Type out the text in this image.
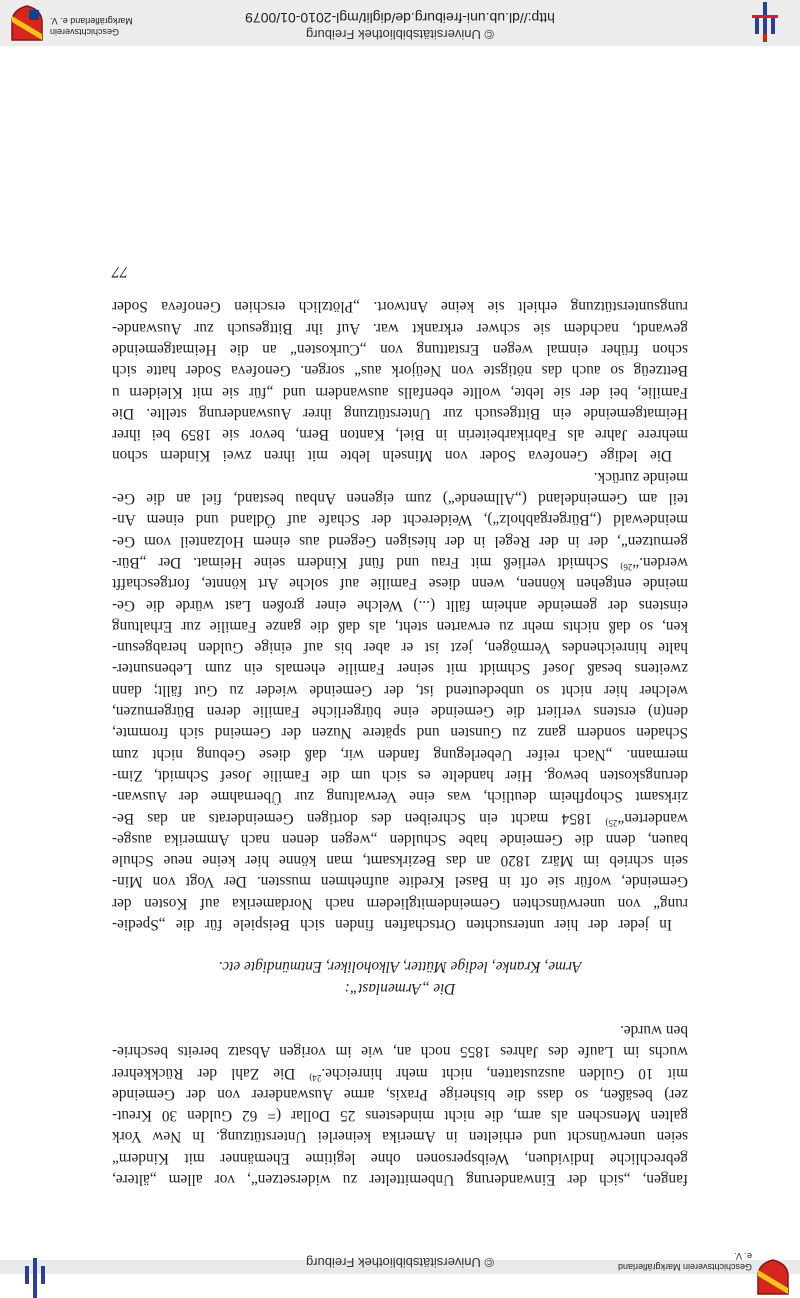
© Universitätsbibliothek Freiburg
fangen, „sich der Einwanderung Unbemittelter zu widersetzen“, vor allem „ältere,
gebrechliche Individuen, Weibspersonen ohne legitime Ehemänner mit Kindern“
seien unerwünscht und erhielten in Amerika keinerlei Unterstützung. In New York
galten Menschen als arm, die nicht mindestens 25 Dollar (= 62 Gulden 30 Kreut-
zer) besäßen, so dass die bisherige Praxis, arme Auswanderer von der Gemeinde
mit 10 Gulden auszustatten, nicht mehr hinreiche.$^{24)}$ Die Zahl der Rückkehrer
wuchs im Laufe des Jahres 1855 noch an, wie im vorigen Absatz bereits beschrie-
ben wurde.
Die „Armenlast“:
Arme, Kranke, ledige Mütter, Alkoholiker, Entmündigte etc.
In jeder der hier untersuchten Ortschaften finden sich Beispiele für die „Spedie-
rung“ von unerwünschten Gemeindemitgliedern nach Nordamerika auf Kosten der
Gemeinde, wofür sie oft in Basel Kredite aufnehmen mussten. Der Vogt von Min-
sein schrieb im März 1820 an das Bezirksamt, man könne hier keine neue Schule
bauen, denn die Gemeinde habe Schulden „wegen denen nach Ammerika ausge-
wanderten“$^{25)}$ 1854 macht ein Schreiben des dortigen Gemeinderats an das Be-
zirksamt Schopfheim deutlich, was eine Verwaltung zur Übernahme der Auswan-
derungskosten bewog. Hier handelte es sich um die Familie Josef Schmidt, Zim-
mermann. „Nach reifer Ueberlegung fanden wir, daß diese Gebung nicht zum
Schaden sondern ganz zu Gunsten und spätere Nuzen der Gemeind sich frommte,
den(n) erstens verliert die Gemeinde eine bürgerliche Familie deren Bürgernuzen,
welcher hier nicht so unbedeutend ist, der Gemeinde wieder zu Gut fällt; dann
zweitens besaß Josef Schmidt mit seiner Familie ehemals ein zum Lebensunter-
halte hinreichendes Vermögen, jezt ist er aber bis auf einige Gulden herabgesun-
ken, so daß nichts mehr zu erwarten steht, als daß die ganze Familie zur Erhaltung
einstens der gemeinde anheim fällt (...) Welche einer großen Last würde die Ge-
meinde entgehen können, wenn diese Familie auf solche Art könnte, fortgeschafft
werden.“$^{26)}$ Schmidt verließ mit Frau und fünf Kindern seine Heimat. Der „Bür-
gernutzen“, der in der Regel in der hiesigen Gegend aus einem Holzanteil vom Ge-
meindewald („Bürgergabholz“), Weiderecht der Schafe auf Ödland und einem An-
teil am Gemeindeland („Allmende“) zum eigenen Anbau bestand, fiel an die Ge-
meinde zurück.
Die ledige Genofeva Soder von Minseln lebte mit ihren zwei Kindern schon
mehrere Jahre als Fabrikarbeiterin in Biel, Kanton Bern, bevor sie 1859 bei ihrer
Heimatgemeinde ein Bittgesuch zur Unterstützung ihrer Auswanderung stellte. Die
Familie, bei der sie lebte, wollte ebenfalls auswandern und „für sie mit Kleidern u
Bettzeüg so auch das nötigste von Neüjork aus“ sorgen. Genofeva Soder hatte sich
schon früher einmal wegen Erstattung von „Curkosten“ an die Heimatgemeinde
gewandt, nachdem sie schwer erkrankt war. Auf ihr Bittgesuch zur Auswande-
rungsunterstützung erhielt sie keine Antwort. „Plötzlich erschien Genofeva Soder
77
© Universitätsbibliothek Freiburg
http://dl.ub.uni-freiburg.de/diglit/mgl-2010-01/0079
Geschichtsverein
Markgräflerland e. V.
Geschichtsverein Markgräflerland e. V.
